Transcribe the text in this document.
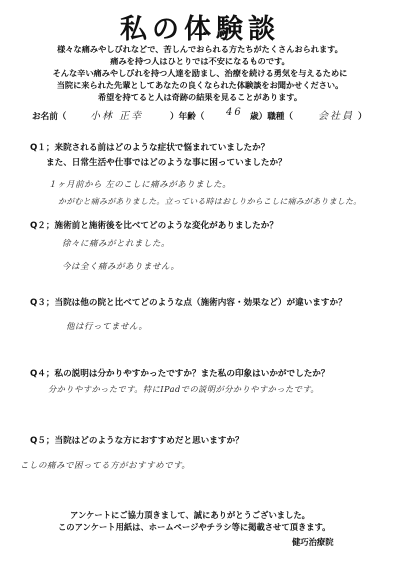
私の体験談
様々な痛みやしびれなどで、苦しんでおられる方たちがたくさんおられます。
痛みを持つ人はひとりでは不安になるものです。
そんな辛い痛みやしびれを持つ人達を励まし、治療を続ける勇気を与えるために
当院に来られた先輩としてあなたの良くなられた体験談をお聞かせください。
希望を持てると人は奇跡の結果を見ることがあります。
お名前（ 小林 正幸	）年齢（ 46 歳）職種（	会社員 ）
Q１；来院される前はどのような症状で悩まれていましたか？
また、日常生活や仕事ではどのような事に困っていましたか？
１ヶ月前から 左のこしに痛みがありました。
かがむと痛みがありました。立っている時はおしりからこしに痛みがありました。
Q２；施術前と施術後を比べてどのような変化がありましたか？
徐々に痛みがとれました。
今は全く痛みがありません。
Q３；当院は他の院と比べてどのような点（施術内容・効果など）が違いますか？
他は行ってません。
Q４；私の説明は分かりやすかったですか？また私の印象はいかがでしたか？
分かりやすかったです。特にIPadでの説明が分かりやすかったです。
Q５；当院はどのような方におすすめだと思いますか？
こしの痛みで困ってる方がおすすめです。
アンケートにご協力頂きまして、誠にありがとうございました。
このアンケート用紙は、ホームページやチラシ等に掲載させて頂きます。
健巧治療院
